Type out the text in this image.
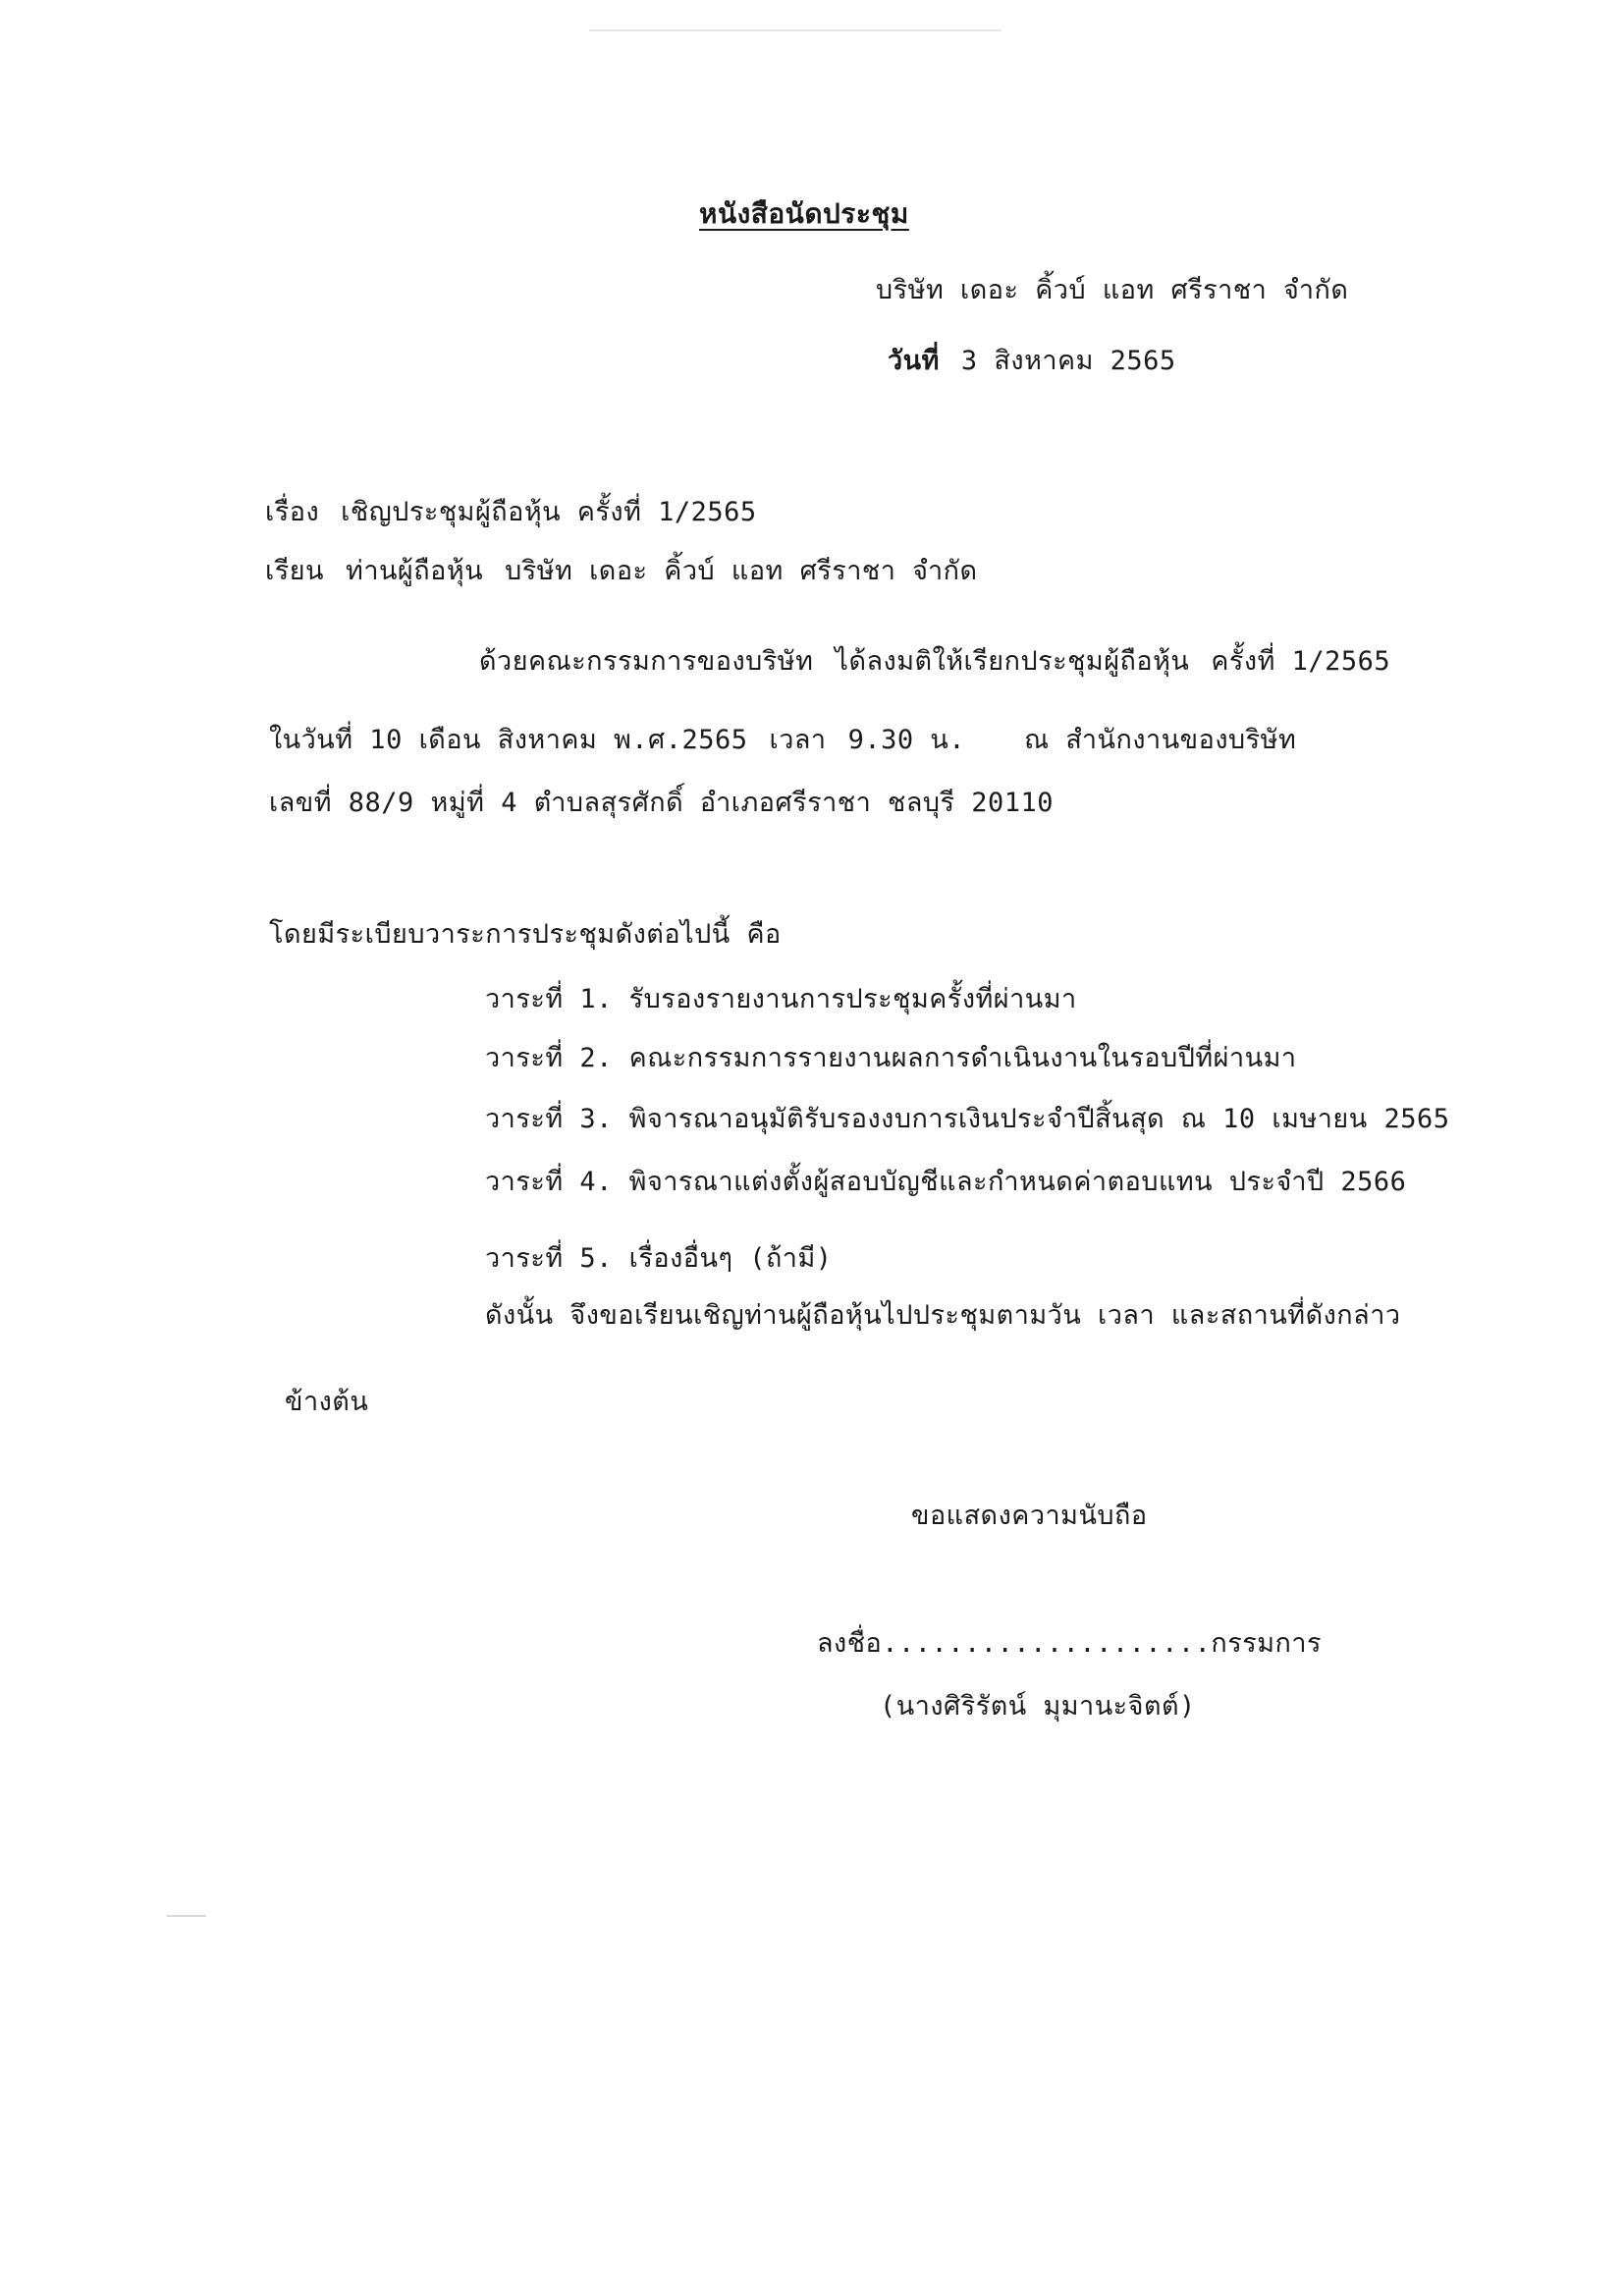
หนังสือนัดประชุม
บริษัท เดอะ คิ้วบ์ แอท ศรีราชา จำกัด
วันที่ 3 สิงหาคม 2565
เรื่อง เชิญประชุมผู้ถือหุ้น ครั้งที่ 1/2565
เรียน ท่านผู้ถือหุ้น บริษัท เดอะ คิ้วบ์ แอท ศรีราชา จำกัด
ด้วยคณะกรรมการของบริษัท ได้ลงมติให้เรียกประชุมผู้ถือหุ้น ครั้งที่ 1/2565
ในวันที่ 10 เดือน สิงหาคม พ.ศ.2565 เวลา 9.30 น. ณ สำนักงานของบริษัท
เลขที่ 88/9 หมู่ที่ 4 ตำบลสุรศักดิ์ อำเภอศรีราชา ชลบุรี 20110
โดยมีระเบียบวาระการประชุมดังต่อไปนี้ คือ
วาระที่ 1. รับรองรายงานการประชุมครั้งที่ผ่านมา
วาระที่ 2. คณะกรรมการรายงานผลการดำเนินงานในรอบปีที่ผ่านมา
วาระที่ 3. พิจารณาอนุมัติรับรองงบการเงินประจำปีสิ้นสุด ณ 10 เมษายน 2565
วาระที่ 4. พิจารณาแต่งตั้งผู้สอบบัญชีและกำหนดค่าตอบแทน ประจำปี 2566
วาระที่ 5. เรื่องอื่นๆ (ถ้ามี)
ดังนั้น จึงขอเรียนเชิญท่านผู้ถือหุ้นไปประชุมตามวัน เวลา และสถานที่ดังกล่าว
ข้างต้น
ขอแสดงความนับถือ
ลงชื่อ....................กรรมการ
(นางศิริรัตน์ มุมานะจิตต์)
